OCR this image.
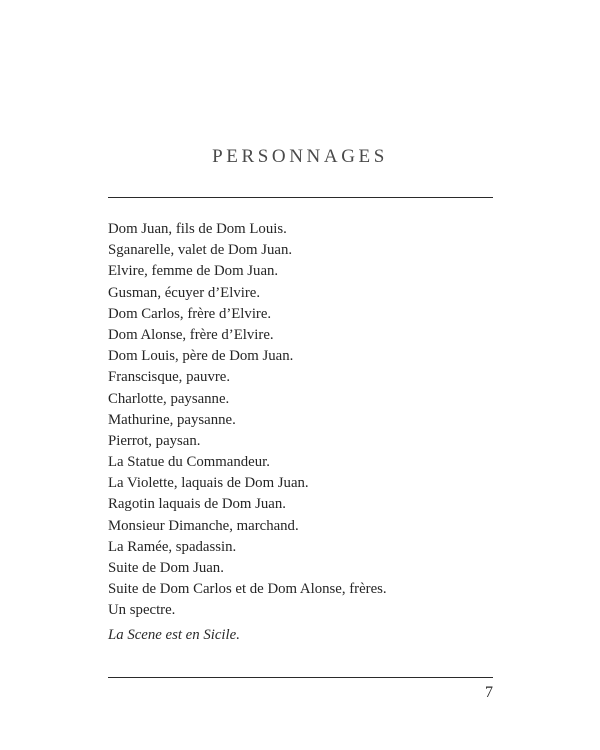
PERSONNAGES
Dom Juan, fils de Dom Louis.
Sganarelle, valet de Dom Juan.
Elvire, femme de Dom Juan.
Gusman, écuyer d’Elvire.
Dom Carlos, frère d’Elvire.
Dom Alonse, frère d’Elvire.
Dom Louis, père de Dom Juan.
Franscisque, pauvre.
Charlotte, paysanne.
Mathurine, paysanne.
Pierrot, paysan.
La Statue du Commandeur.
La Violette, laquais de Dom Juan.
Ragotin laquais de Dom Juan.
Monsieur Dimanche, marchand.
La Ramée, spadassin.
Suite de Dom Juan.
Suite de Dom Carlos et de Dom Alonse, frères.
Un spectre.

La Scene est en Sicile.

7
